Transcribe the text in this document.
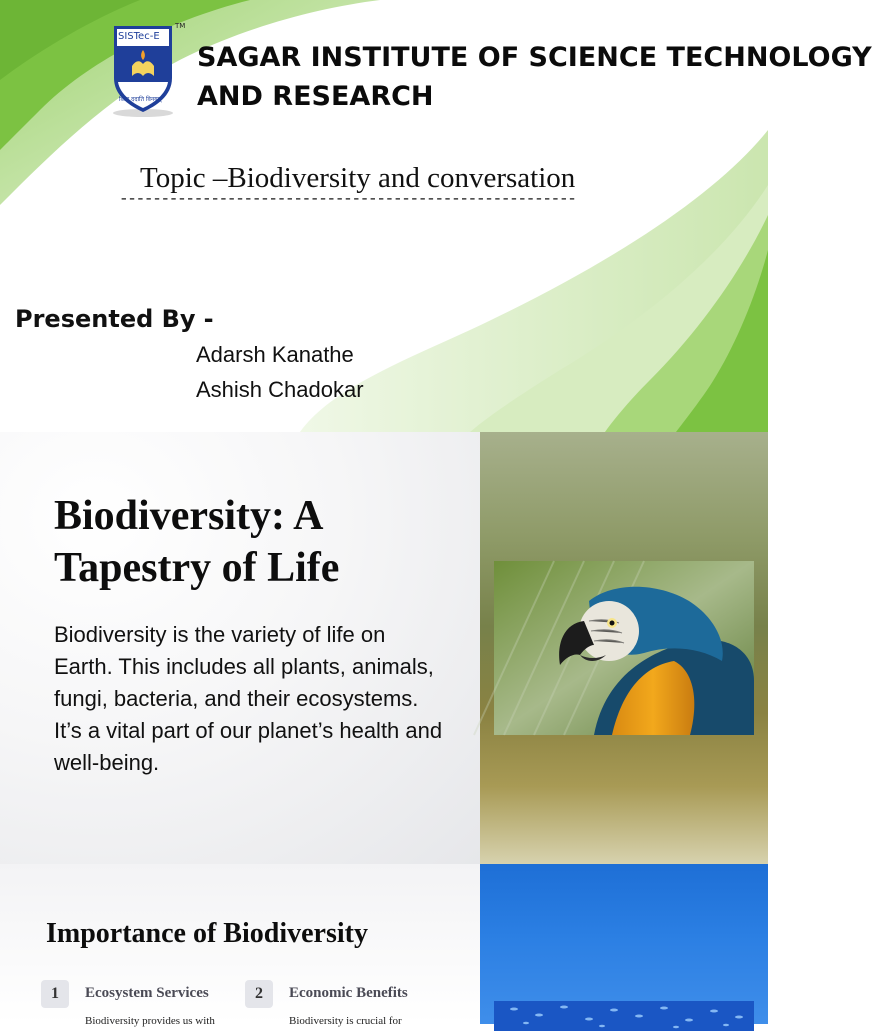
SISTec-E
विद्या ददाति विनयम्
TM
SAGAR INSTITUTE OF SCIENCE TECHNOLOGY
AND RESEARCH
Topic –Biodiversity and conversation
-------------------------------------------------------
Presented By -
Adarsh Kanathe
Ashish Chadokar
Biodiversity: A Tapestry of Life
Biodiversity is the variety of life on Earth. This includes all plants, animals, fungi, bacteria, and their ecosystems. It’s a vital part of our planet’s health and well-being.
Importance of Biodiversity
1	Ecosystem Services
Biodiversity provides us with
2	Economic Benefits
Biodiversity is crucial for
